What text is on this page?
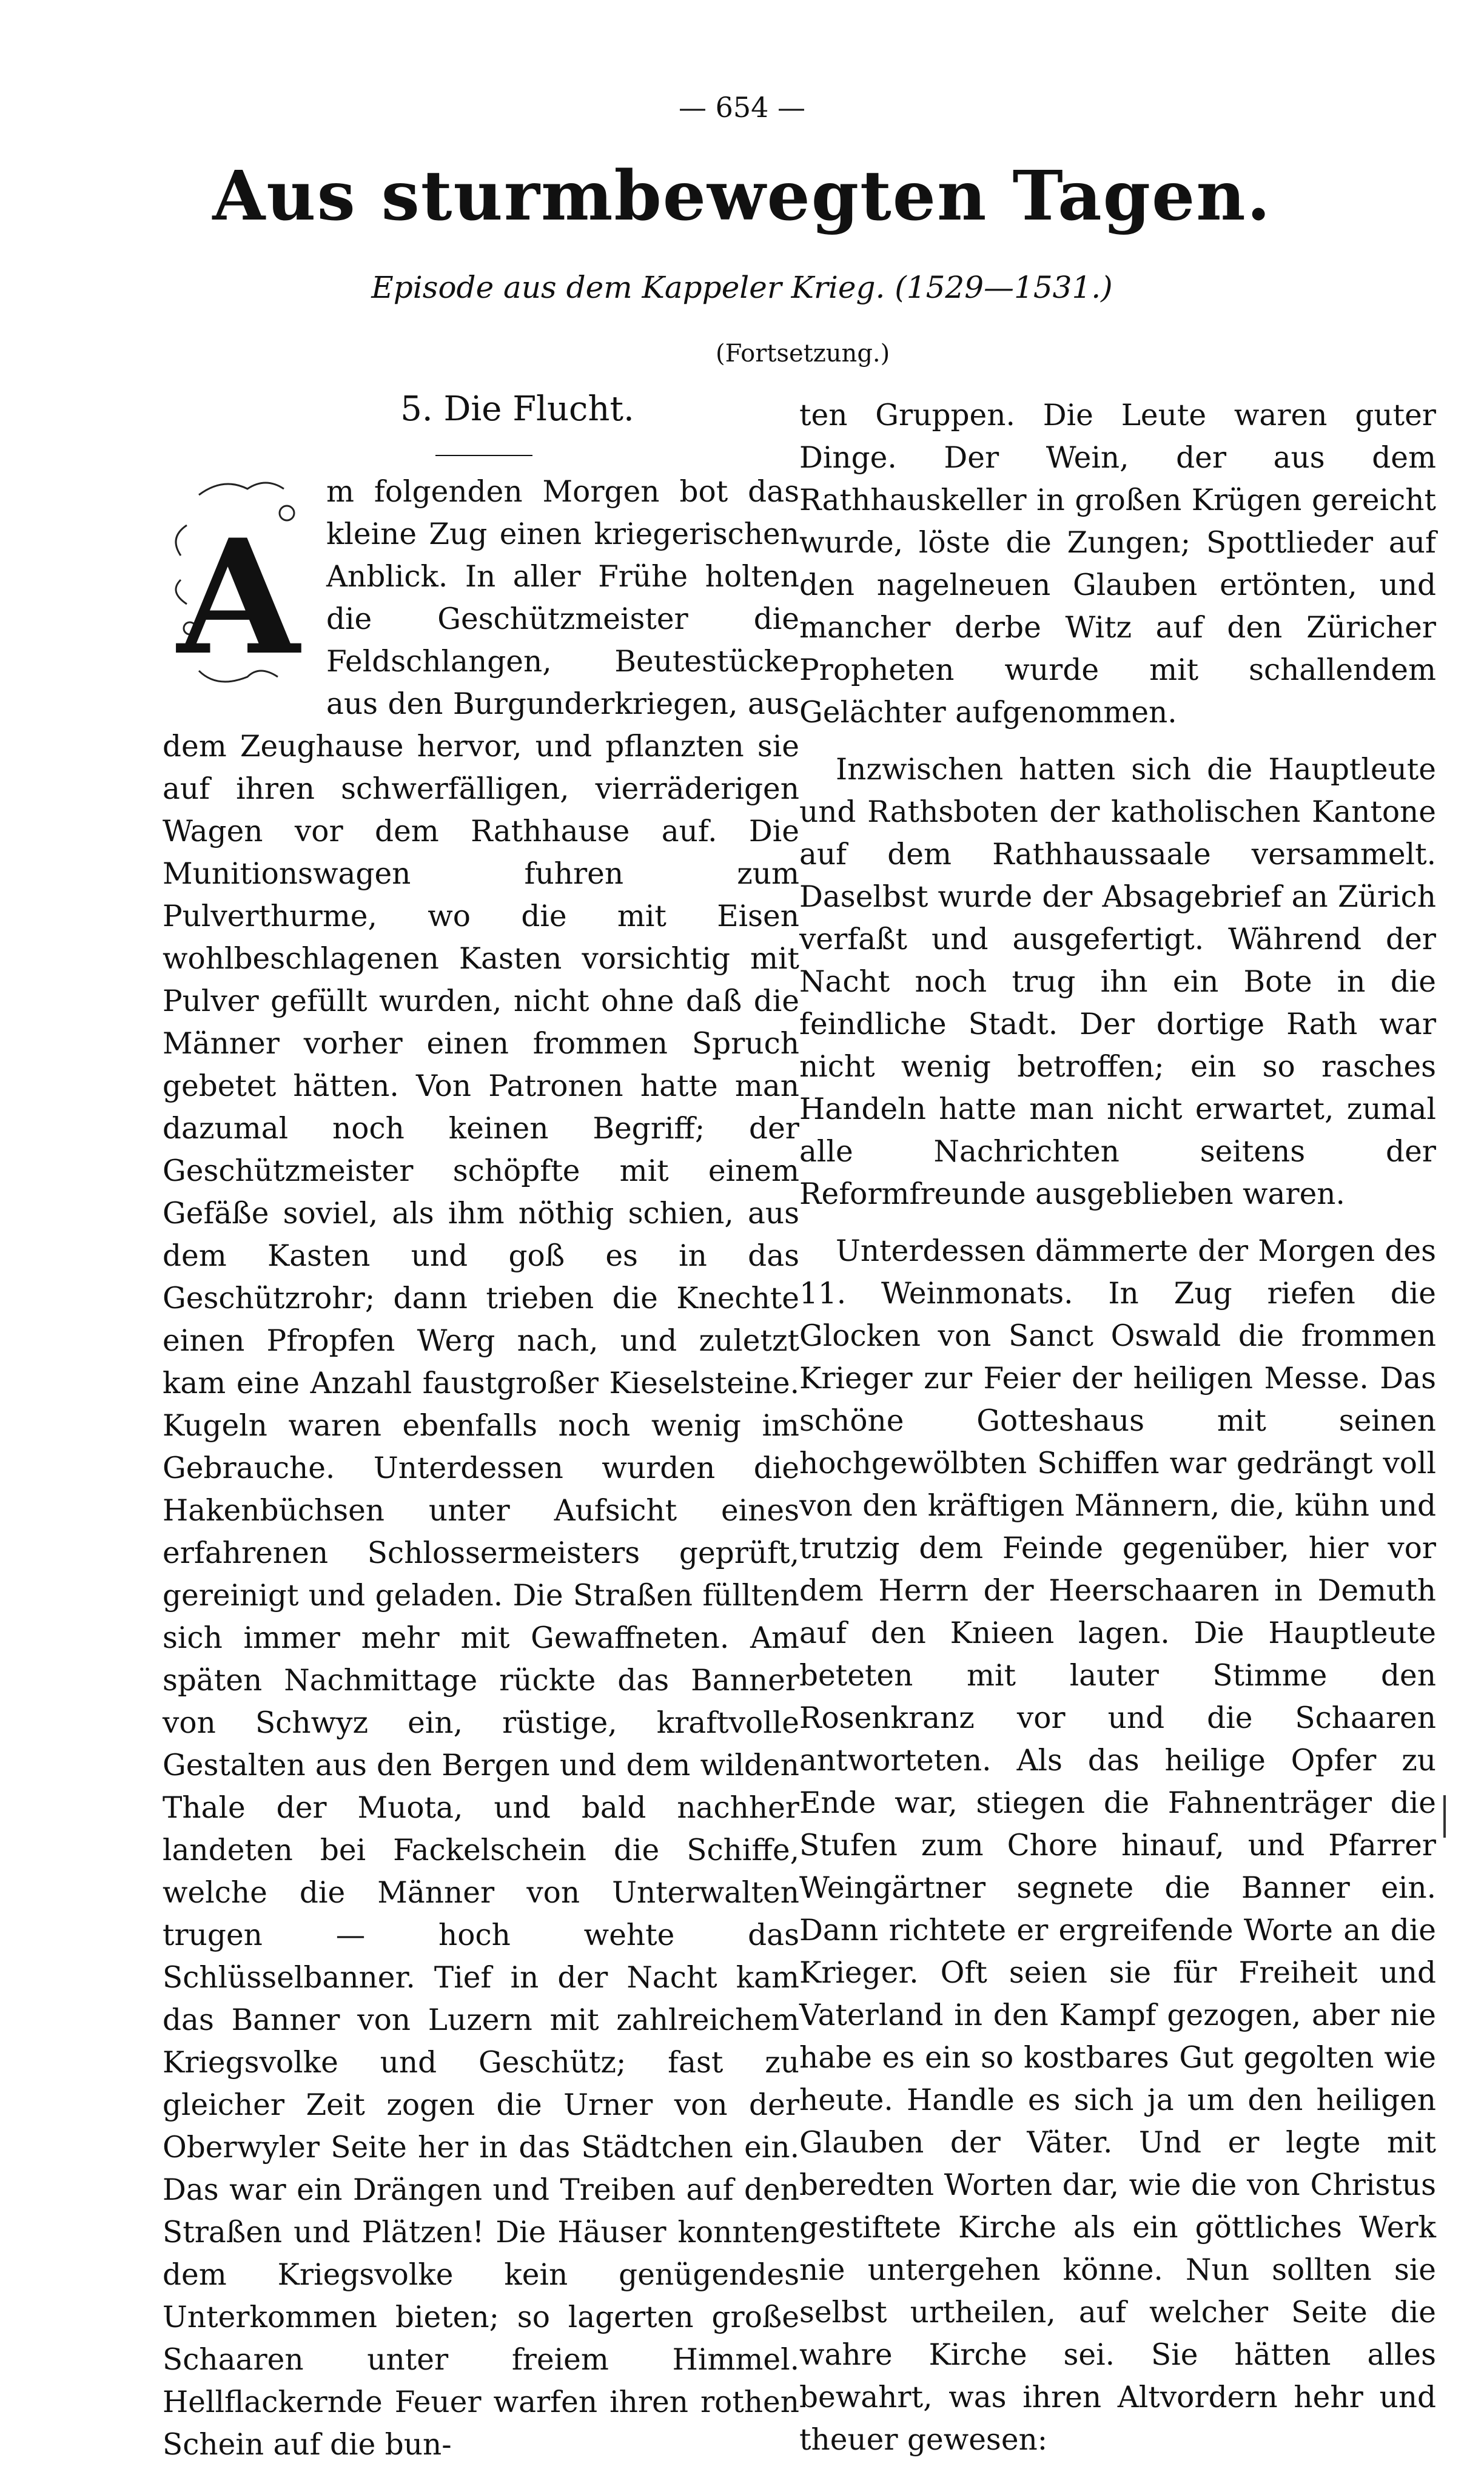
— 654 —
Aus sturmbewegten Tagen.
Episode aus dem Kappeler Krieg. (1529—1531.)
(Fortsetzung.)
5. Die Flucht.
A

m folgenden Morgen bot das kleine Zug einen kriegerischen Anblick. In aller Frühe holten die Geschützmeister die Feldschlangen, Beutestücke aus den Burgunderkriegen, aus dem Zeughause hervor, und pflanzten sie auf ihren schwerfälligen, vierräderigen Wagen vor dem Rathhause auf. Die Munitionswagen fuhren zum Pulverthurme, wo die mit Eisen wohlbeschlagenen Kasten vorsichtig mit Pulver gefüllt wurden, nicht ohne daß die Männer vorher einen frommen Spruch gebetet hätten. Von Patronen hatte man dazumal noch keinen Begriff; der Geschützmeister schöpfte mit einem Gefäße soviel, als ihm nöthig schien, aus dem Kasten und goß es in das Geschützrohr; dann trieben die Knechte einen Pfropfen Werg nach, und zuletzt kam eine Anzahl faustgroßer Kieselsteine. Kugeln waren ebenfalls noch wenig im Gebrauche. Unterdessen wurden die Hakenbüchsen unter Aufsicht eines erfahrenen Schlossermeisters geprüft, gereinigt und geladen. Die Straßen füllten sich immer mehr mit Gewaffneten. Am späten Nachmittage rückte das Banner von Schwyz ein, rüstige, kraftvolle Gestalten aus den Bergen und dem wilden Thale der Muota, und bald nachher landeten bei Fackelschein die Schiffe, welche die Männer von Unterwalten trugen — hoch wehte das Schlüsselbanner. Tief in der Nacht kam das Banner von Luzern mit zahlreichem Kriegsvolke und Geschütz; fast zu gleicher Zeit zogen die Urner von der Oberwyler Seite her in das Städtchen ein. Das war ein Drängen und Treiben auf den Straßen und Plätzen! Die Häuser konnten dem Kriegsvolke kein genügendes Unterkommen bieten; so lagerten große Schaaren unter freiem Himmel. Hellflackernde Feuer warfen ihren rothen Schein auf die bun-

ten Gruppen. Die Leute waren guter Dinge. Der Wein, der aus dem Rathhauskeller in großen Krügen gereicht wurde, löste die Zungen; Spottlieder auf den nagelneuen Glauben ertönten, und mancher derbe Witz auf den Züricher Propheten wurde mit schallendem Gelächter aufgenommen.

Inzwischen hatten sich die Hauptleute und Rathsboten der katholischen Kantone auf dem Rathhaussaale versammelt. Daselbst wurde der Absagebrief an Zürich verfaßt und ausgefertigt. Während der Nacht noch trug ihn ein Bote in die feindliche Stadt. Der dortige Rath war nicht wenig betroffen; ein so rasches Handeln hatte man nicht erwartet, zumal alle Nachrichten seitens der Reformfreunde ausgeblieben waren.

Unterdessen dämmerte der Morgen des 11. Weinmonats. In Zug riefen die Glocken von Sanct Oswald die frommen Krieger zur Feier der heiligen Messe. Das schöne Gotteshaus mit seinen hochgewölbten Schiffen war gedrängt voll von den kräftigen Männern, die, kühn und trutzig dem Feinde gegenüber, hier vor dem Herrn der Heerschaaren in Demuth auf den Knieen lagen. Die Hauptleute beteten mit lauter Stimme den Rosenkranz vor und die Schaaren antworteten. Als das heilige Opfer zu Ende war, stiegen die Fahnenträger die Stufen zum Chore hinauf, und Pfarrer Weingärtner segnete die Banner ein. Dann richtete er ergreifende Worte an die Krieger. Oft seien sie für Freiheit und Vaterland in den Kampf gezogen, aber nie habe es ein so kostbares Gut gegolten wie heute. Handle es sich ja um den heiligen Glauben der Väter. Und er legte mit beredten Worten dar, wie die von Christus gestiftete Kirche als ein göttliches Werk nie untergehen könne. Nun sollten sie selbst urtheilen, auf welcher Seite die wahre Kirche sei. Sie hätten alles bewahrt, was ihren Altvordern hehr und theuer gewesen:
